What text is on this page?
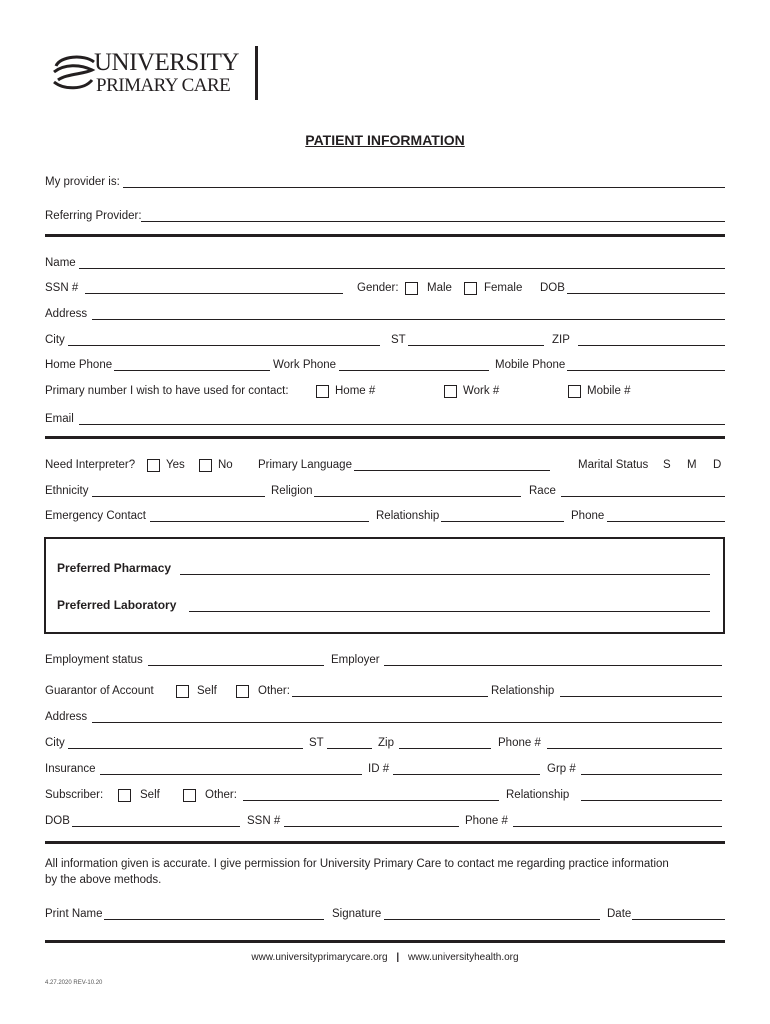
UNIVERSITY
PRIMARY CARE
PATIENT INFORMATION
My provider is:
Referring Provider:
Name
SSN #	Gender: Male	Female DOB
Address
City	ST	ZIP
Home Phone	Work Phone	Mobile Phone
Primary number I wish to have used for contact:	Home #	Work #	Mobile #
Email
Need Interpreter?	Yes	No Primary Language	Marital Status S M D
Ethnicity	Religion	Race
Emergency Contact	Relationship	Phone
Preferred Pharmacy
Preferred Laboratory
Employment status	Employer
Guarantor of Account	Self	Other:	Relationship
Address
City	ST	Zip	Phone #
Insurance	ID #	Grp #
Subscriber:	Self	Other:	Relationship
DOB	SSN #	Phone #
All information given is accurate. I give permission for University Primary Care to contact me regarding practice information
by the above methods.
Print Name	Signature	Date
www.universityprimarycare.org | www.universityhealth.org
4.27.2020 REV-10.20
